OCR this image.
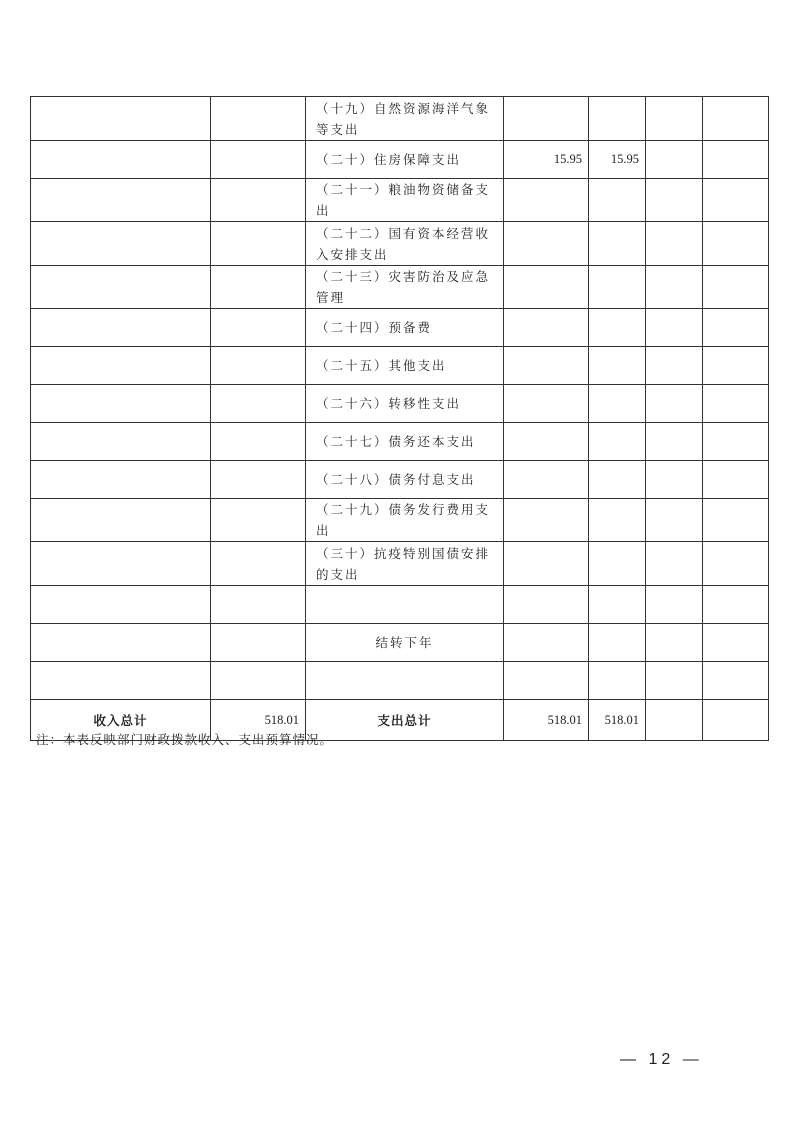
		（十九）自然资源海洋气象等支出				
		（二十）住房保障支出	15.95	15.95		
		（二十一）粮油物资储备支出				
		（二十二）国有资本经营收入安排支出				
		（二十三）灾害防治及应急管理				
		（二十四）预备费				
		（二十五）其他支出				
		（二十六）转移性支出				
		（二十七）债务还本支出				
		（二十八）债务付息支出				
		（二十九）债务发行费用支出				
		（三十）抗疫特别国债安排的支出				

		结转下年				

收入总计	518.01	支出总计	518.01	518.01		
注：本表反映部门财政拨款收入、支出预算情况。
— 12 —
